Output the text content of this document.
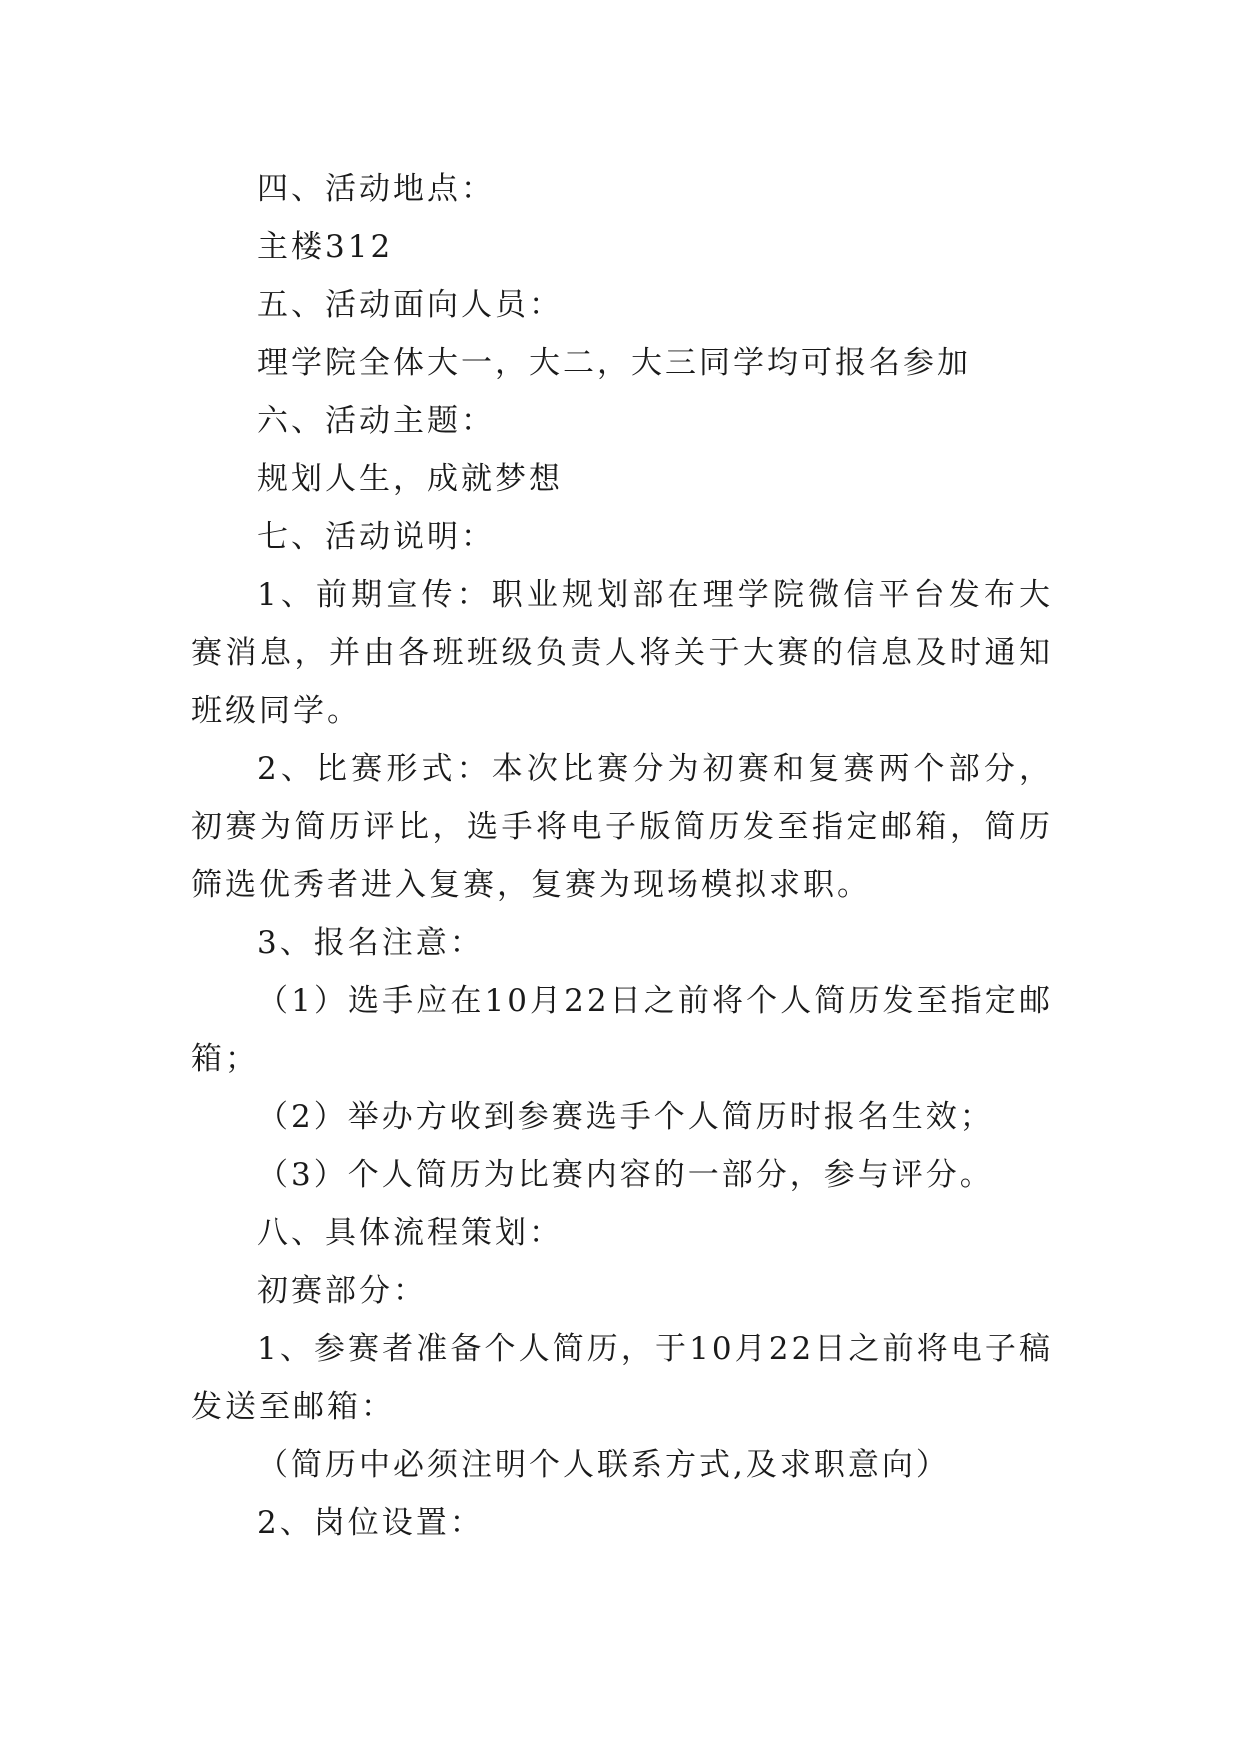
四、活动地点：

主楼312

五、活动面向人员：

理学院全体大一，大二，大三同学均可报名参加

六、活动主题：

规划人生，成就梦想

七、活动说明：

1、前期宣传：职业规划部在理学院微信平台发布大赛消息，并由各班班级负责人将关于大赛的信息及时通知班级同学。

2、比赛形式：本次比赛分为初赛和复赛两个部分，初赛为简历评比，选手将电子版简历发至指定邮箱，简历筛选优秀者进入复赛，复赛为现场模拟求职。

3、报名注意：

（1）选手应在10月22日之前将个人简历发至指定邮箱；

（2）举办方收到参赛选手个人简历时报名生效；

（3）个人简历为比赛内容的一部分，参与评分。

八、具体流程策划：

初赛部分：

1、参赛者准备个人简历，于10月22日之前将电子稿发送至邮箱：

（简历中必须注明个人联系方式,及求职意向）

2、岗位设置：
